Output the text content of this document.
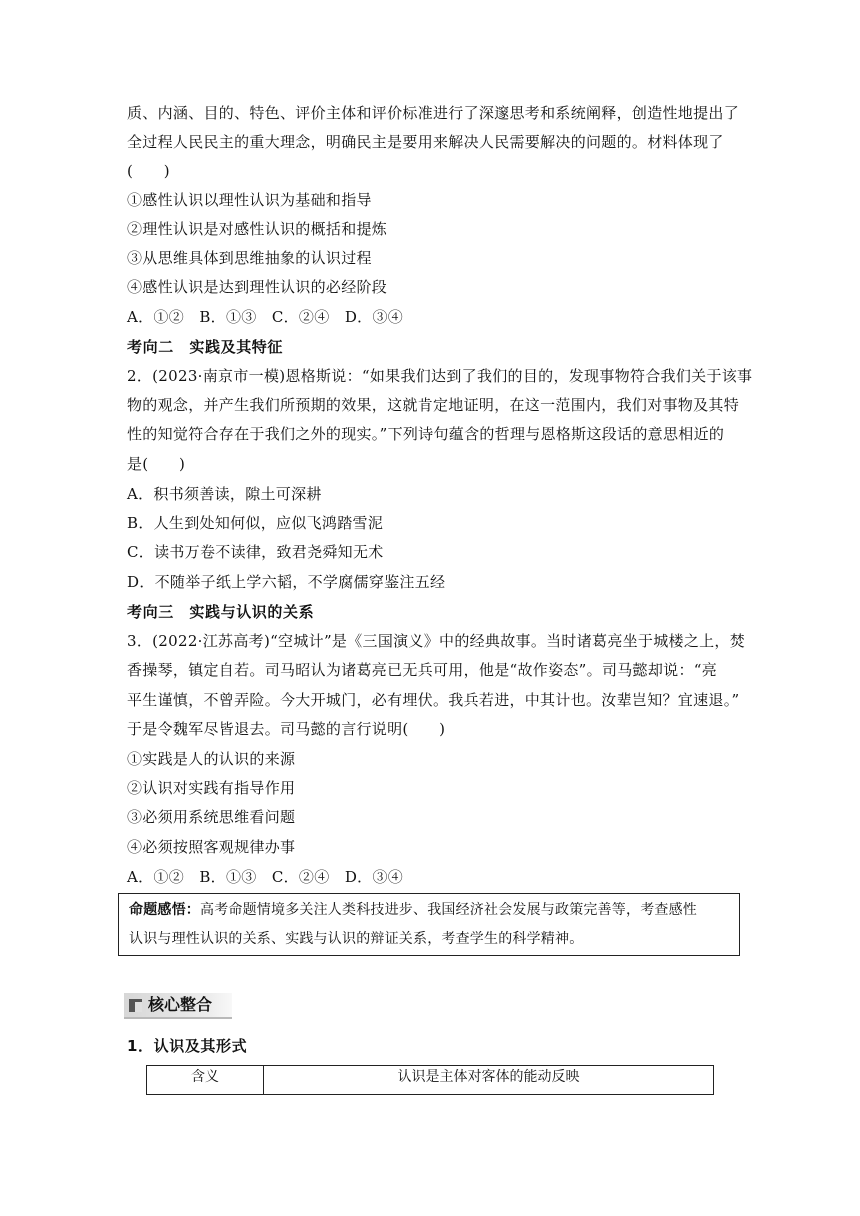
质、内涵、目的、特色、评价主体和评价标准进行了深邃思考和系统阐释，创造性地提出了
全过程人民民主的重大理念，明确民主是要用来解决人民需要解决的问题的。材料体现了
(　　)
①感性认识以理性认识为基础和指导
②理性认识是对感性认识的概括和提炼
③从思维具体到思维抽象的认识过程
④感性认识是达到理性认识的必经阶段
A．①②　B．①③　C．②④　D．③④
考向二　实践及其特征
2．(2023·南京市一模)恩格斯说：“如果我们达到了我们的目的，发现事物符合我们关于该事
物的观念，并产生我们所预期的效果，这就肯定地证明，在这一范围内，我们对事物及其特
性的知觉符合存在于我们之外的现实。”下列诗句蕴含的哲理与恩格斯这段话的意思相近的
是(　　)
A．积书须善读，隙土可深耕
B．人生到处知何似，应似飞鸿踏雪泥
C．读书万卷不读律，致君尧舜知无术
D．不随举子纸上学六韬，不学腐儒穿鉴注五经
考向三　实践与认识的关系
3．(2022·江苏高考)“空城计”是《三国演义》中的经典故事。当时诸葛亮坐于城楼之上，焚
香操琴，镇定自若。司马昭认为诸葛亮已无兵可用，他是“故作姿态”。司马懿却说：“亮
平生谨慎，不曾弄险。今大开城门，必有埋伏。我兵若进，中其计也。汝辈岂知？宜速退。”
于是令魏军尽皆退去。司马懿的言行说明(　　)
①实践是人的认识的来源
②认识对实践有指导作用
③必须用系统思维看问题
④必须按照客观规律办事
A．①②　B．①③　C．②④　D．③④
命题感悟：高考命题情境多关注人类科技进步、我国经济社会发展与政策完善等，考查感性
认识与理性认识的关系、实践与认识的辩证关系，考查学生的科学精神。
核心整合
1．认识及其形式
含义	认识是主体对客体的能动反映
